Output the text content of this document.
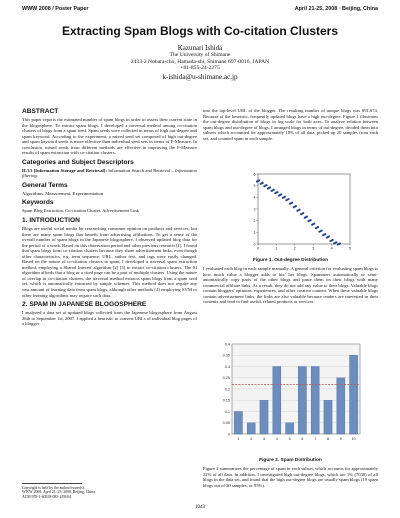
WWW 2008 / Poster Paper	April 21-25, 2008 · Beijing, China
Extracting Spam Blogs with Co-citation Clusters
Kazunari Ishida
The University of Shimane
2433-2 Nobara-cho, Hamada-shi, Shimane 697-0016, JAPAN
+81-855-24-2275
k-ishida@u-shimane.ac.jp
ABSTRACT

This paper reports the estimated number of spam blogs in order to assess their current state in the blogosphere. To extract spam blogs, I developed a traversal method among co-citation clusters of blogs from a spam seed. Spam seeds were collected in terms of high out-degree and spam keyword. According to the experiment, a mixed seed set composed of high out-degree and spam keyword seeds is more effective than individual seed sets in terms of F-Measure. In conclusion, mixed seeds from different methods are effective in improving the F-Measure results of spam extraction with co-citation clusters.

Categories and Subject Descriptors

H.3.3 [Information Storage and Retrieval]: Information Search and Retrieval – Information filtering.

General Terms

Algorithms, Measurement, Experimentation

Keywords

Spam Blog Extraction, Co-citation Cluster, Advertisement Link

1. INTRODUCTION

Blogs are useful social media for researching consumer opinion on products and services; but there are many spam blogs that benefit from advertising affiliations. To get a sense of the overall number of spam blogs in the Japanese blogosphere, I observed updated blog data for the period of a week. Based on this observation period and other previous research [1], I found that spam blogs form co-citation clusters because they share advertisement links, even though other characteristics, e.g. term sequence, URL, author text, and tags were easily changed. Based on the nature of co-citation clusters in spam, I developed a traversal spam extraction method, employing a Shared Interest algorithm [2] [3] to extract co-citation clusters. The SI algorithm affords that a blog or a cited page can be a part of multiple clusters. Using the nature of overlap in co-citation clusters, the traversal method extracts spam blogs from a spam seed set, which is automatically extracted by simple schemes. This method does not require any vast amount of learning data from spam blogs, although other methods [4] employing SVM or other learning algorithms may require such data.

2. SPAM IN JAPANESE BLOGOSPHERE

I analyzed a data set of updated blogs collected from the Japanese blogosphere from August 26th to September 1st, 2007. I applied a heuristic to convert URLs of individual blog pages of a blogger

Copyright is held by the author/owner(s).
WWW 2008, April 21–25, 2008, Beijing, China.
ACM 978-1-60558-085-2/08/04.

into the top-level URL of the blogger. The resulting number of unique blogs was 691,674. Because of the heuristic, frequently updated blogs have a high out-degree. Figure 1 illustrates the out-degree distribution of blogs in log scale for both axes. To analyze relation between spam blogs and out-degree of blogs, I arranged blogs in terms of out-degree, divided them into subsets which accounted for approximately 10% of all data, picked up 20 samples from each set, and counted spam in each sample.

6
5
4
3
2
1
0
0	1	2	3	4	5
Figure 1. Out-degree Distribution
I evaluated each blog in each sample manually. A general criterion for evaluating spam blogs is how much value a blogger adds to his/ her blogs. Spammers automatically or semi-automatically copy parts of the other blogs and paste them on their blogs with many commercial affiliate links. As a result, they do not add any value to their blogs. Valuable blogs contain bloggers' opinions, experiences, and other creative content. When these valuable blogs contain advertisement links, the links are also valuable because readers are interested in their contents and tend to find useful, related products or services.
0.4
0.35
0.3
0.25
0.2
0.15
0.1
0.05
0
1	2	3	4	5	6	7	8	9	10
Figure 2. Spam Distribution
Figure 2 summarizes the percentage of spam in each subset, which accounts for approximately 22% of all data. In addition, I investigated high out-degree blogs, which are 1% (7038) of all blogs in the data set, and found that the high out-degree blogs are usually spam blogs (19 spam blogs out of 20 samples, or 95%).
1043
